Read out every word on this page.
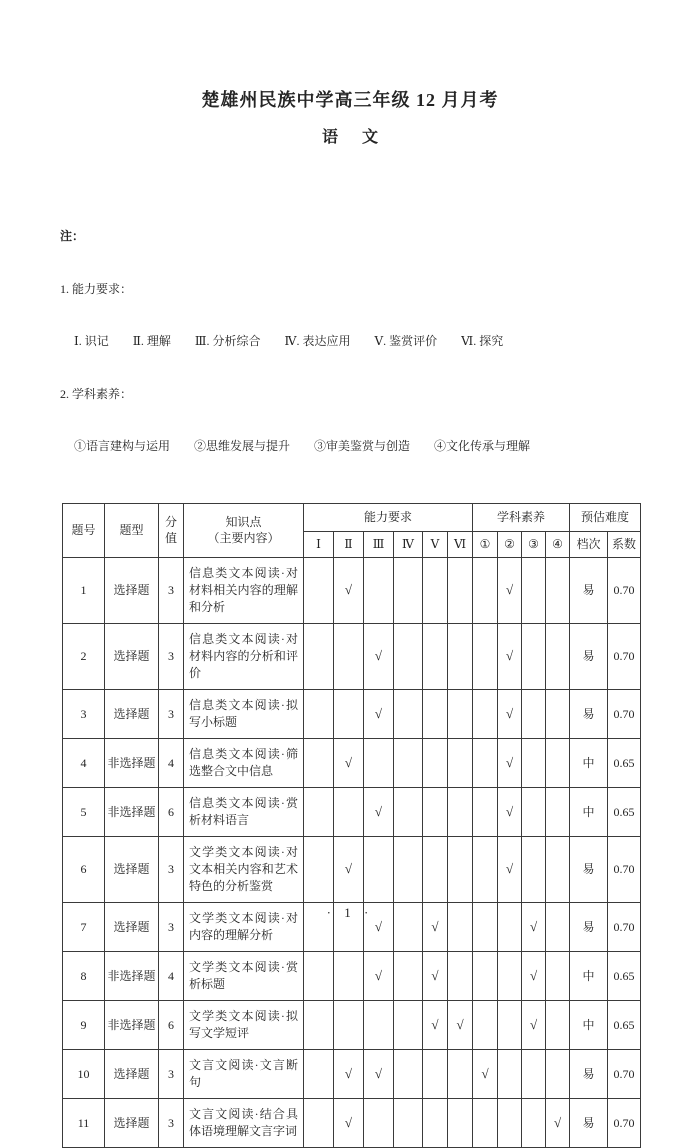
楚雄州民族中学高三年级 12 月月考
语 文

注：

1. 能力要求：

Ⅰ. 识记　　Ⅱ. 理解　　Ⅲ. 分析综合　　Ⅳ. 表达应用　　Ⅴ. 鉴赏评价　　Ⅵ. 探究

2. 学科素养：

①语言建构与运用　　②思维发展与提升　　③审美鉴赏与创造　　④文化传承与理解

题号	题型	分值	知识点
（主要内容）	能力要求						学科素养				预估难度	
				Ⅰ	Ⅱ	Ⅲ	Ⅳ	Ⅴ	Ⅵ	①	②	③	④	档次	系数
1	选择题	3	信息类文本阅读·对材料相关内容的理解和分析		√						√			易	0.70
2	选择题	3	信息类文本阅读·对材料内容的分析和评价			√					√			易	0.70
3	选择题	3	信息类文本阅读·拟写小标题			√					√			易	0.70
4	非选择题	4	信息类文本阅读·筛选整合文中信息		√						√			中	0.65
5	非选择题	6	信息类文本阅读·赏析材料语言			√					√			中	0.65
6	选择题	3	文学类文本阅读·对文本相关内容和艺术特色的分析鉴赏		√						√			易	0.70
7	选择题	3	文学类文本阅读·对内容的理解分析			√		√				√		易	0.70
8	非选择题	4	文学类文本阅读·赏析标题			√		√				√		中	0.65
9	非选择题	6	文学类文本阅读·拟写文学短评					√	√			√		中	0.65
10	选择题	3	文言文阅读·文言断句		√	√				√				易	0.70
11	选择题	3	文言文阅读·结合具体语境理解文言字词		√								√	易	0.70
· 1 ·
